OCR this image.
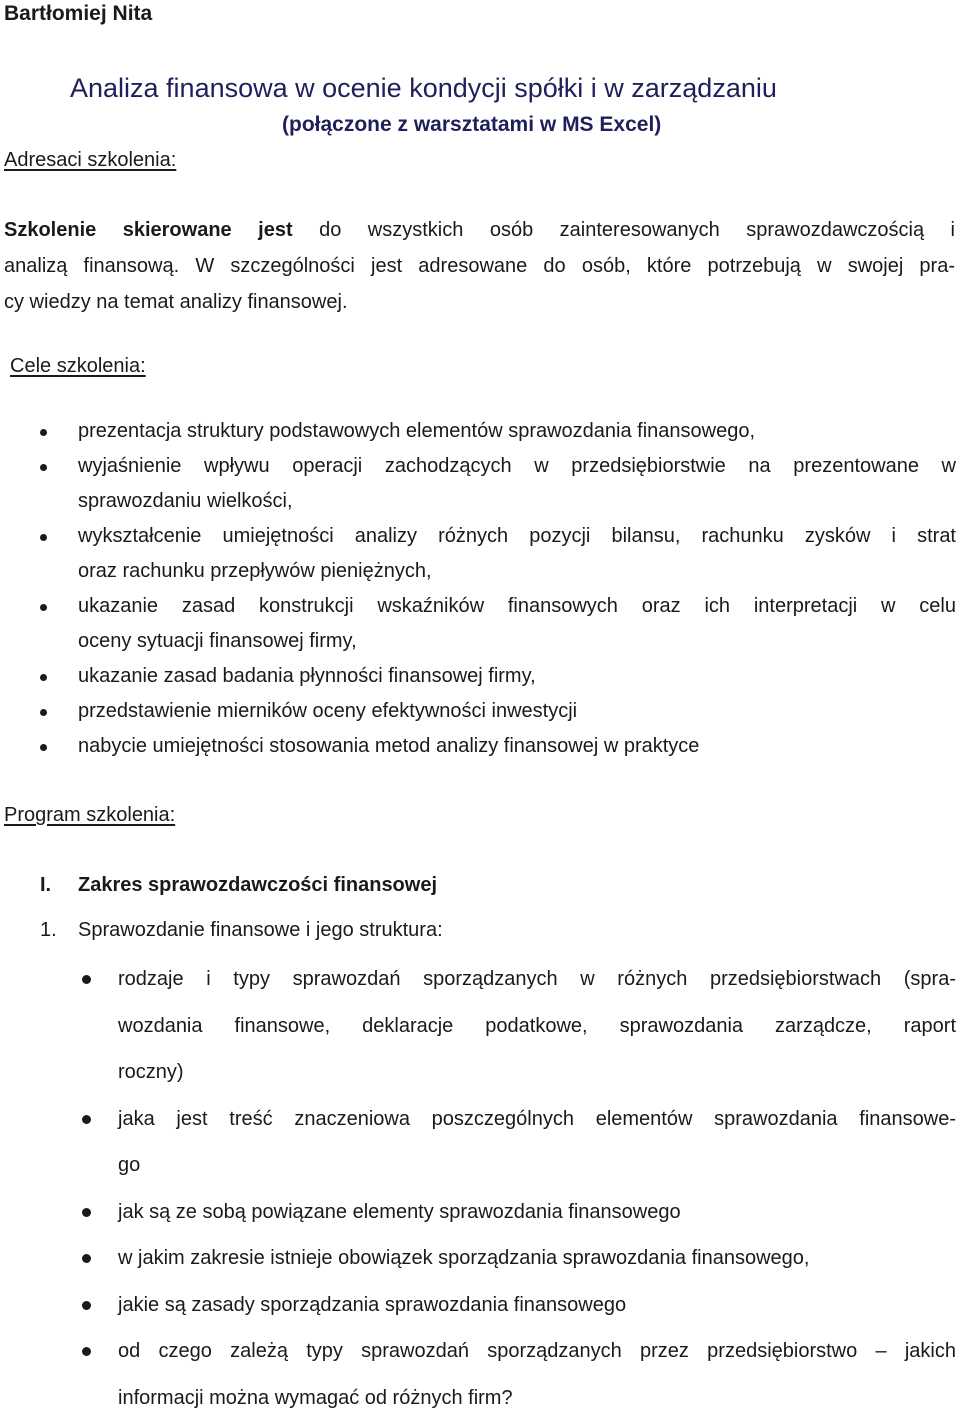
Bartłomiej Nita
Analiza finansowa w ocenie kondycji spółki i w zarządzaniu
(połączone z warsztatami w MS Excel)
Adresaci szkolenia:
Szkolenie skierowane jest do wszystkich osób zainteresowanych sprawozdawczością i
analizą finansową. W szczególności jest adresowane do osób, które potrzebują w swojej pra-
cy wiedzy na temat analizy finansowej.
Cele szkolenia:
prezentacja struktury podstawowych elementów sprawozdania finansowego,
wyjaśnienie wpływu operacji zachodzących w przedsiębiorstwie na prezentowane w
sprawozdaniu wielkości,
wykształcenie umiejętności analizy różnych pozycji bilansu, rachunku zysków i strat
oraz rachunku przepływów pieniężnych,
ukazanie zasad konstrukcji wskaźników finansowych oraz ich interpretacji w celu
oceny sytuacji finansowej firmy,
ukazanie zasad badania płynności finansowej firmy,
przedstawienie mierników oceny efektywności inwestycji
nabycie umiejętności stosowania metod analizy finansowej w praktyce
Program szkolenia:
I. Zakres sprawozdawczości finansowej
1. Sprawozdanie finansowe i jego struktura:
rodzaje i typy sprawozdań sporządzanych w różnych przedsiębiorstwach (spra-
wozdania finansowe, deklaracje podatkowe, sprawozdania zarządcze, raport
roczny)
jaka jest treść znaczeniowa poszczególnych elementów sprawozdania finansowe-
go
jak są ze sobą powiązane elementy sprawozdania finansowego
w jakim zakresie istnieje obowiązek sporządzania sprawozdania finansowego,
jakie są zasady sporządzania sprawozdania finansowego
od czego zależą typy sprawozdań sporządzanych przez przedsiębiorstwo – jakich
informacji można wymagać od różnych firm?
